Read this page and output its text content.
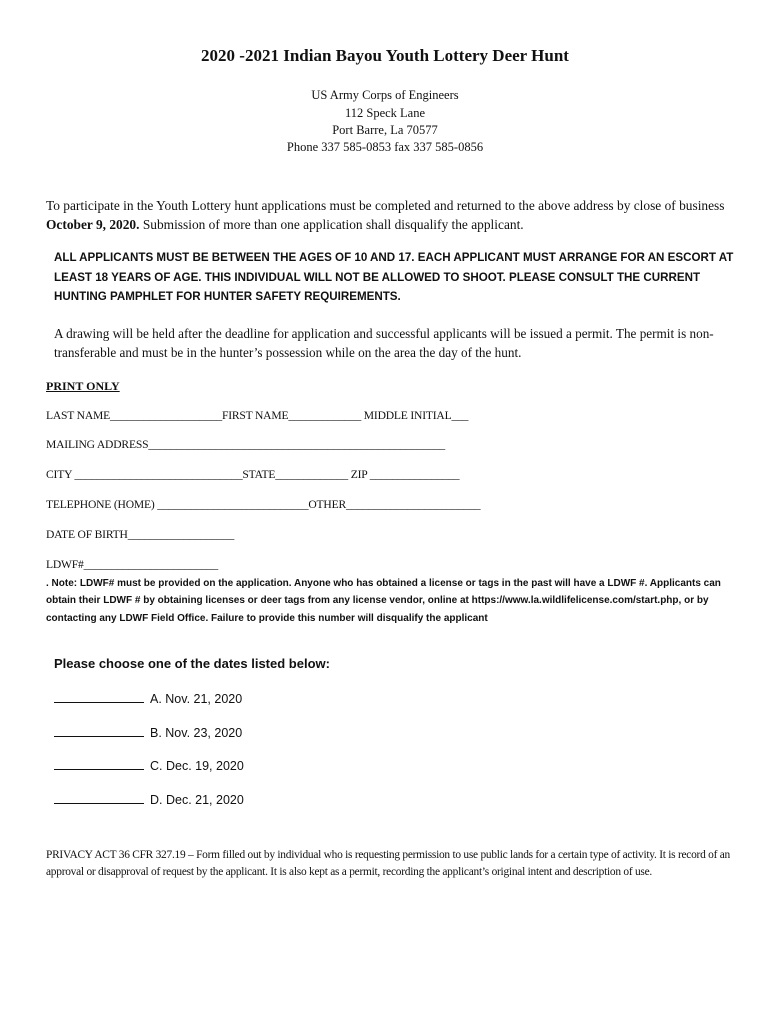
2020 -2021 Indian Bayou Youth Lottery Deer Hunt
US Army Corps of Engineers
112 Speck Lane
Port Barre, La 70577
Phone 337 585-0853 fax 337 585-0856
To participate in the Youth Lottery hunt applications must be completed and returned to the above address by close of business October 9, 2020. Submission of more than one application shall disqualify the applicant.
ALL APPLICANTS MUST BE BETWEEN THE AGES OF 10 AND 17. EACH APPLICANT MUST ARRANGE FOR AN ESCORT AT LEAST 18 YEARS OF AGE. THIS INDIVIDUAL WILL NOT BE ALLOWED TO SHOOT. PLEASE CONSULT THE CURRENT HUNTING PAMPHLET FOR HUNTER SAFETY REQUIREMENTS.
A drawing will be held after the deadline for application and successful applicants will be issued a permit. The permit is non-transferable and must be in the hunter’s possession while on the area the day of the hunt.
PRINT ONLY
LAST NAME____________________FIRST NAME_____________ MIDDLE INITIAL___
MAILING ADDRESS_____________________________________________________
CITY ______________________________STATE_____________ ZIP ________________
TELEPHONE (HOME) ___________________________OTHER________________________
DATE OF BIRTH___________________
LDWF#________________________
. Note: LDWF# must be provided on the application. Anyone who has obtained a license or tags in the past will have a LDWF #. Applicants can obtain their LDWF # by obtaining licenses or deer tags from any license vendor, online at https://www.la.wildlifelicense.com/start.php, or by contacting any LDWF Field Office. Failure to provide this number will disqualify the applicant
Please choose one of the dates listed below:
A. Nov. 21, 2020
B. Nov. 23, 2020
C. Dec. 19, 2020
D. Dec. 21, 2020
PRIVACY ACT 36 CFR 327.19 – Form filled out by individual who is requesting permission to use public lands for a certain type of activity. It is record of an approval or disapproval of request by the applicant. It is also kept as a permit, recording the applicant’s original intent and description of use.
